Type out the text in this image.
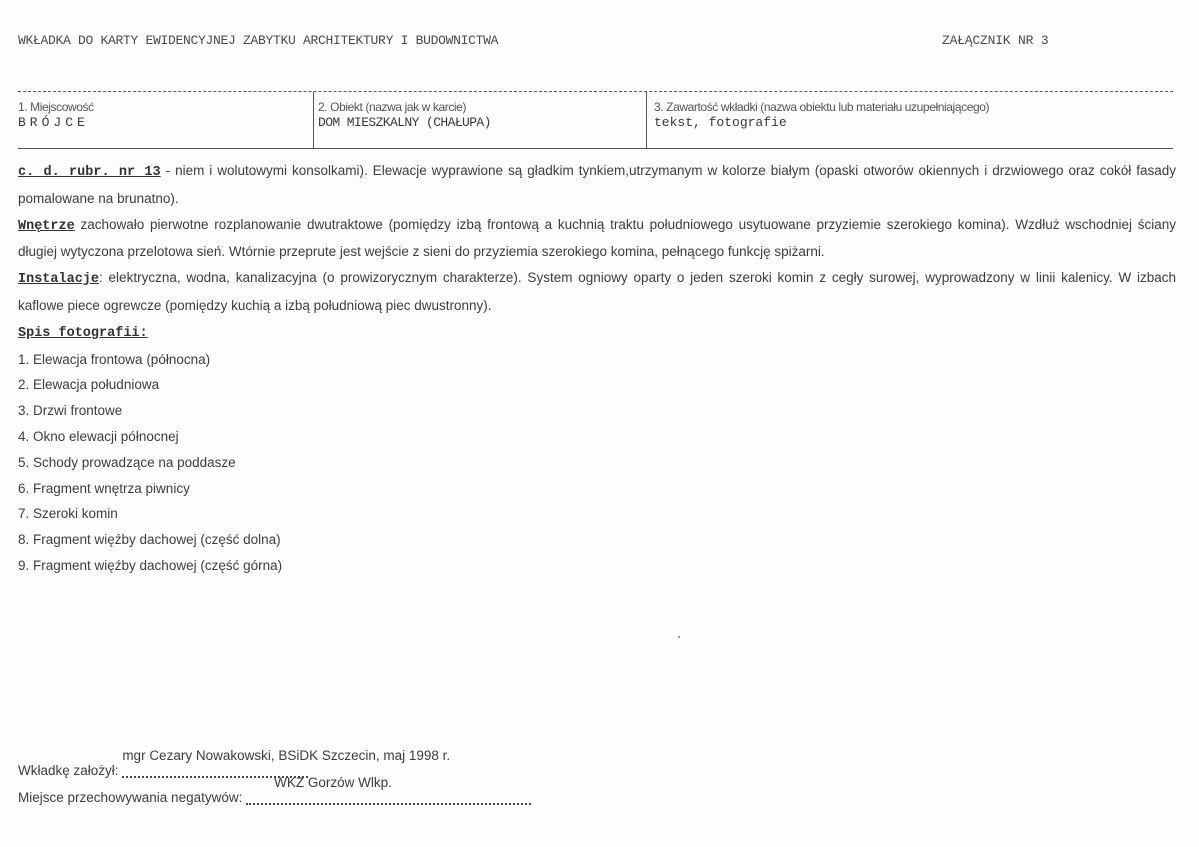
WKŁADKA DO KARTY EWIDENCYJNEJ ZABYTKU ARCHITEKTURY I BUDOWNICTWA	ZAŁĄCZNIK NR 3
1. Miejscowość
BRÓJCE
2. Obiekt (nazwa jak w karcie)
DOM MIESZKALNY (CHAŁUPA)
3. Zawartość wkładki (nazwa obiektu lub materiału uzupełniającego)
tekst, fotografie
c. d. rubr. nr 13 - niem i wolutowymi konsolkami). Elewacje wyprawione są gładkim tynkiem,utrzymanym w kolorze białym (opaski otworów okiennych i drzwiowego oraz cokół fasady pomalowane na brunatno).
Wnętrze zachowało pierwotne rozplanowanie dwutraktowe (pomiędzy izbą frontową a kuchnią traktu południowego usytuowane przyziemie szerokiego komina). Wzdłuż wschodniej ściany długiej wytyczona przelotowa sień. Wtórnie przeprute jest wejście z sieni do przyziemia szerokiego komina, pełnącego funkcję spiżarni.
Instalacje: elektryczna, wodna, kanalizacyjna (o prowizorycznym charakterze). System ogniowy oparty o jeden szeroki komin z cegły surowej, wyprowadzony w linii kalenicy. W izbach kaflowe piece ogrewcze (pomiędzy kuchią a izbą południową piec dwustronny).
Spis fotografii:
1. Elewacja frontowa (północna)
2. Elewacja południowa
3. Drzwi frontowe
4. Okno elewacji północnej
5. Schody prowadzące na poddasze
6. Fragment wnętrza piwnicy
7. Szeroki komin
8. Fragment więźby dachowej (część dolna)
9. Fragment więźby dachowej (część górna)
Wkładkę założył:
mgr Cezary Nowakowski, BSiDK Szczecin, maj 1998 r.
Miejsce przechowywania negatywów:
WKZ Gorzów Wlkp.
